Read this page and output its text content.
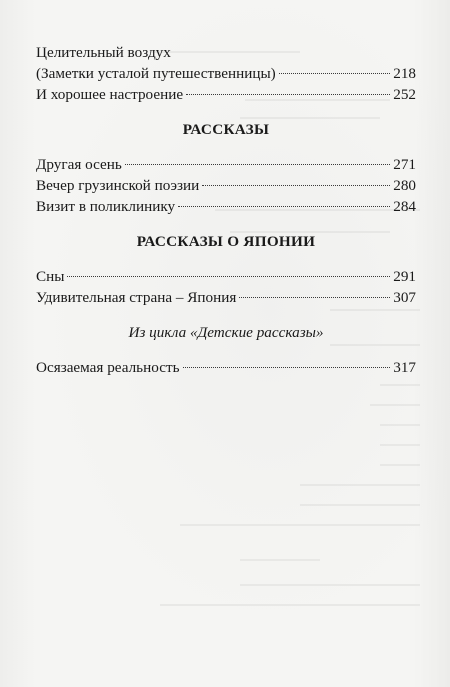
Целительный воздух
(Заметки усталой путешественницы)	218
И хорошее настроение	252
РАССКАЗЫ
Другая осень	271
Вечер грузинской поэзии	280
Визит в поликлинику	284
РАССКАЗЫ О ЯПОНИИ
Сны	291
Удивительная страна – Япония	307
Из цикла «Детские рассказы»
Осязаемая реальность	317
